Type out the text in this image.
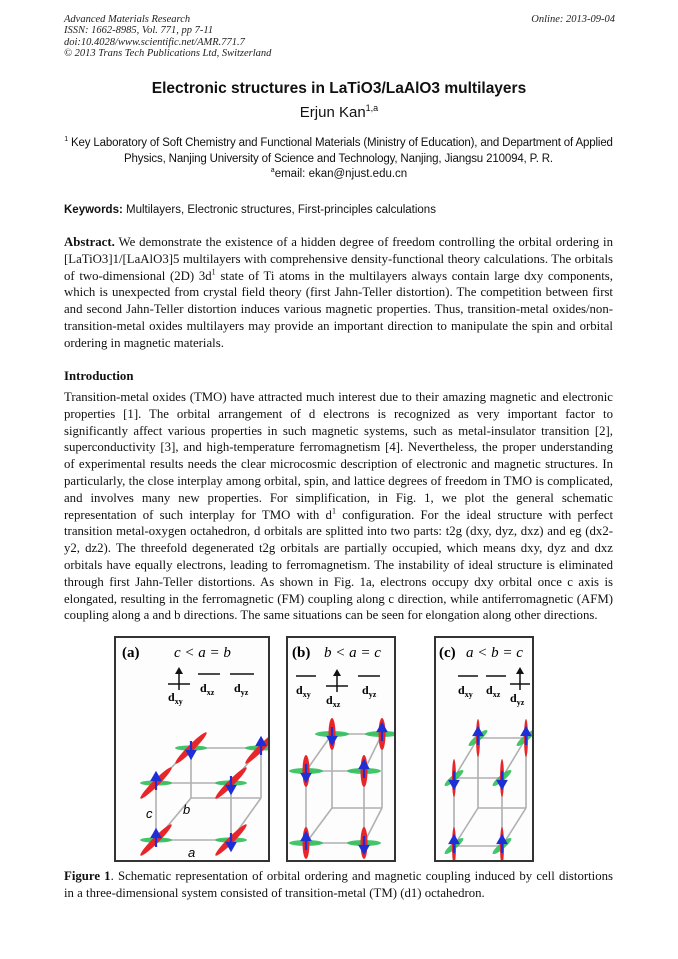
Advanced Materials Research
ISSN: 1662-8985, Vol. 771, pp 7-11
doi:10.4028/www.scientific.net/AMR.771.7
© 2013 Trans Tech Publications Ltd, Switzerland
Online: 2013-09-04
Electronic structures in LaTiO3/LaAlO3 multilayers
Erjun Kan$^{1,a}$
$^1$ Key Laboratory of Soft Chemistry and Functional Materials (Ministry of Education), and Department of Applied Physics, Nanjing University of Science and Technology, Nanjing, Jiangsu 210094, P. R.
$^a$email: ekan@njust.edu.cn
Keywords: Multilayers, Electronic structures, First-principles calculations
Abstract. We demonstrate the existence of a hidden degree of freedom controlling the orbital ordering in [LaTiO3]1/[LaAlO3]5 multilayers with comprehensive density-functional theory calculations. The orbitals of two-dimensional (2D) $3d^1$ state of Ti atoms in the multilayers always contain large dxy components, which is unexpected from crystal field theory (first Jahn-Teller distortion). The competition between first and second Jahn-Teller distortion induces various magnetic properties. Thus, transition-metal oxides/non-transition-metal oxides multilayers may provide an important direction to manipulate the spin and orbital ordering in magnetic materials.
Introduction
Transition-metal oxides (TMO) have attracted much interest due to their amazing magnetic and electronic properties [1]. The orbital arrangement of d electrons is recognized as very important factor to significantly affect various properties in such magnetic systems, such as metal-insulator transition [2], superconductivity [3], and high-temperature ferromagnetism [4]. Nevertheless, the proper understanding of experimental results needs the clear microcosmic description of electronic and magnetic structures. In particularly, the close interplay among orbital, spin, and lattice degrees of freedom in TMO is complicated, and involves many new properties. For simplification, in Fig. 1, we plot the general schematic representation of such interplay for TMO with $d^1$ configuration. For the ideal structure with perfect transition metal-oxygen octahedron, d orbitals are splitted into two parts: t2g (dxy, dyz, dxz) and eg (dx2-y2, dz2). The threefold degenerated t2g orbitals are partially occupied, which means dxy, dyz and dxz orbitals have equally electrons, leading to ferromagnetism. The instability of ideal structure is eliminated through first Jahn-Teller distortions. As shown in Fig. 1a, electrons occupy dxy orbital once c axis is elongated, resulting in the ferromagnetic (FM) coupling along c direction, while antiferromagnetic (AFM) coupling along a and b directions. The same situations can be seen for elongation along other directions.
(a) c < a = b
$d_{xy}$
$d_{xz}$ $d_{yz}$
c b
a
(b) b < a = c
$d_{xy}$ $d_{xz}$
$d_{yz}$
(c) a < b = c
$d_{xy}$ $d_{xz}$ $d_{yz}$
Figure 1. Schematic representation of orbital ordering and magnetic coupling induced by cell distortions in a three-dimensional system consisted of transition-metal (TM) (d1) octahedron.
